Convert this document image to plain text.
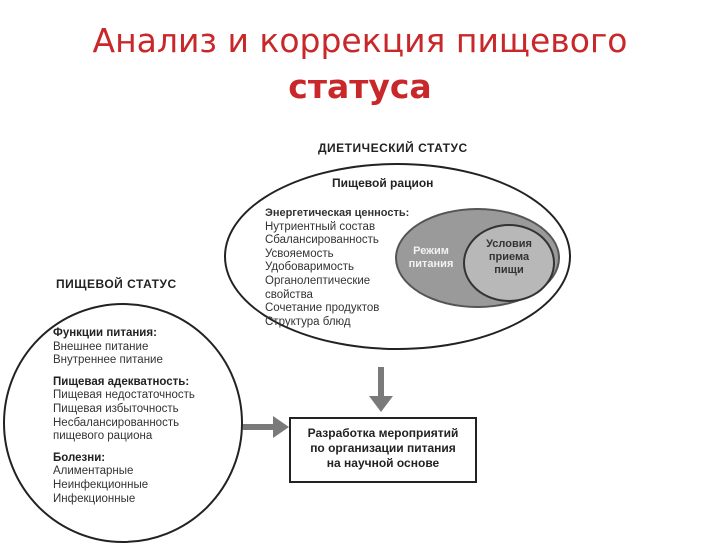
Анализ и коррекция пищевого
статуса
ДИЕТИЧЕСКИЙ СТАТУС
Пищевой рацион
Энергетическая ценность:
Нутриентный состав
Сбалансированность
Усвояемость
Удобоваримость
Органолептические
свойства
Сочетание продуктов
Структура блюд
Режим
питания
Условия
приема
пищи
ПИЩЕВОЙ СТАТУС
Функции питания:
Внешнее питание
Внутреннее питание
Пищевая адекватность:
Пищевая недостаточность
Пищевая избыточность
Несбалансированность
пищевого рациона
Болезни:
Алиментарные
Неинфекционные
Инфекционные
Разработка мероприятий
по организации питания
на научной основе
